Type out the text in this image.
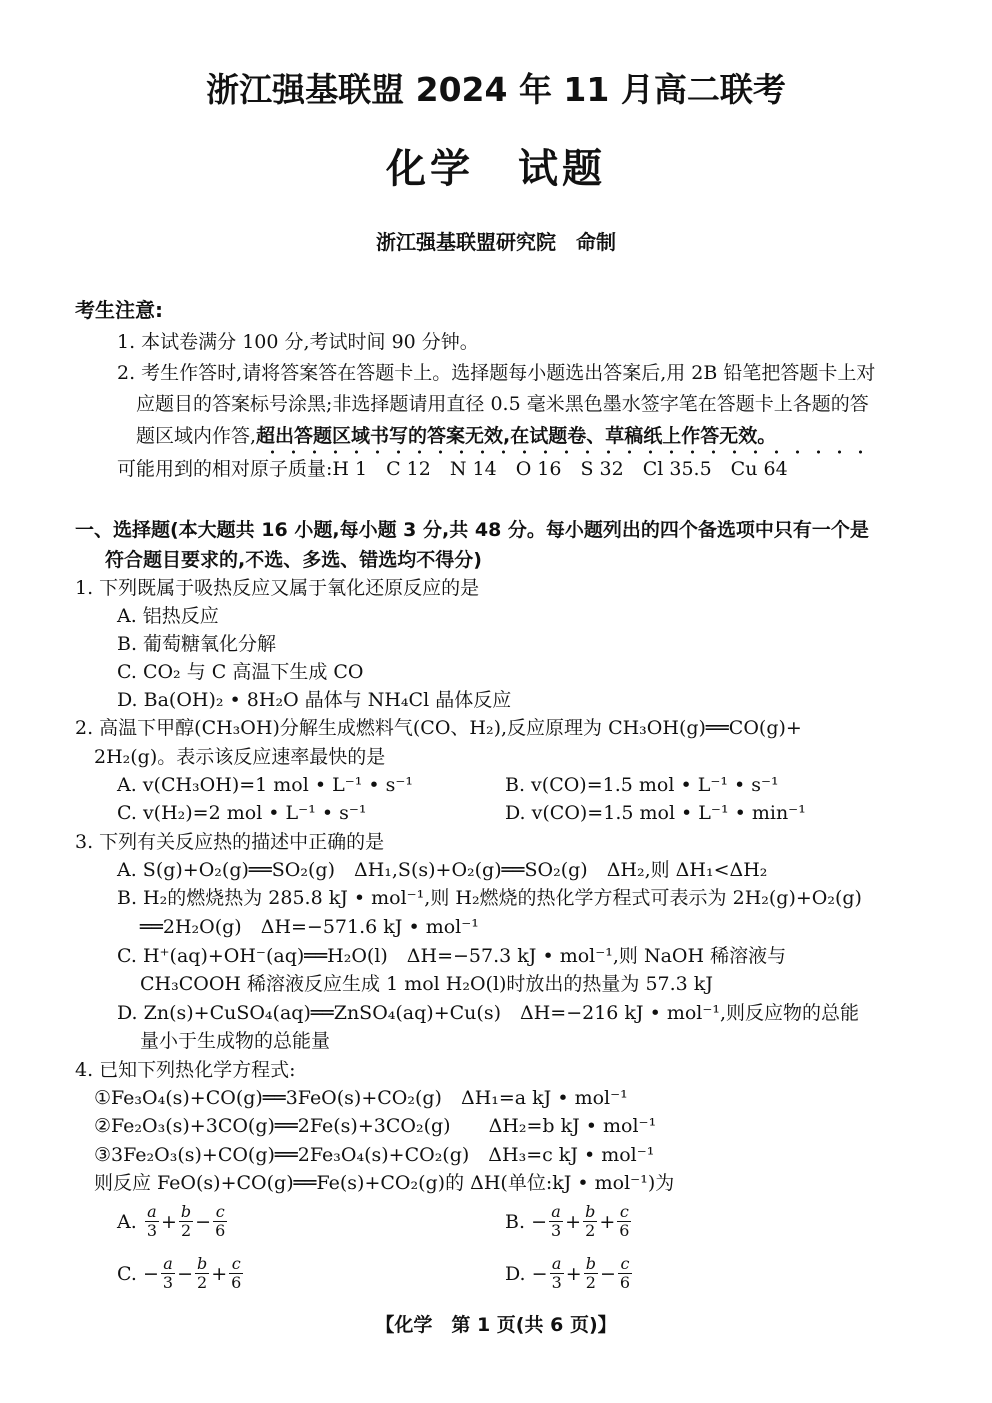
浙江强基联盟 2024 年 11 月高二联考
化学　试题
浙江强基联盟研究院　命制
考生注意:
1. 本试卷满分 100 分,考试时间 90 分钟。
2. 考生作答时,请将答案答在答题卡上。选择题每小题选出答案后,用 2B 铅笔把答题卡上对
应题目的答案标号涂黑;非选择题请用直径 0.5 毫米黑色墨水签字笔在答题卡上各题的答
题区域内作答,超出答题区域书写的答案无效,在试题卷、草稿纸上作答无效。
可能用到的相对原子质量:H 1　C 12　N 14　O 16　S 32　Cl 35.5　Cu 64
一、选择题(本大题共 16 小题,每小题 3 分,共 48 分。每小题列出的四个备选项中只有一个是
符合题目要求的,不选、多选、错选均不得分)
1. 下列既属于吸热反应又属于氧化还原反应的是
A. 铝热反应
B. 葡萄糖氧化分解
C. CO₂ 与 C 高温下生成 CO
D. Ba(OH)₂ • 8H₂O 晶体与 NH₄Cl 晶体反应
2. 高温下甲醇(CH₃OH)分解生成燃料气(CO、H₂),反应原理为 CH₃OH(g)══CO(g)+
2H₂(g)。表示该反应速率最快的是
A. v(CH₃OH)=1 mol • L⁻¹ • s⁻¹	B. v(CO)=1.5 mol • L⁻¹ • s⁻¹
C. v(H₂)=2 mol • L⁻¹ • s⁻¹	D. v(CO)=1.5 mol • L⁻¹ • min⁻¹
3. 下列有关反应热的描述中正确的是
A. S(g)+O₂(g)══SO₂(g)　ΔH₁,S(s)+O₂(g)══SO₂(g)　ΔH₂,则 ΔH₁<ΔH₂
B. H₂的燃烧热为 285.8 kJ • mol⁻¹,则 H₂燃烧的热化学方程式可表示为 2H₂(g)+O₂(g)
══2H₂O(g)　ΔH=−571.6 kJ • mol⁻¹
C. H⁺(aq)+OH⁻(aq)══H₂O(l)　ΔH=−57.3 kJ • mol⁻¹,则 NaOH 稀溶液与
CH₃COOH 稀溶液反应生成 1 mol H₂O(l)时放出的热量为 57.3 kJ
D. Zn(s)+CuSO₄(aq)══ZnSO₄(aq)+Cu(s)　ΔH=−216 kJ • mol⁻¹,则反应物的总能
量小于生成物的总能量
4. 已知下列热化学方程式:
①Fe₃O₄(s)+CO(g)══3FeO(s)+CO₂(g)　ΔH₁=a kJ • mol⁻¹
②Fe₂O₃(s)+3CO(g)══2Fe(s)+3CO₂(g)　　ΔH₂=b kJ • mol⁻¹
③3Fe₂O₃(s)+CO(g)══2Fe₃O₄(s)+CO₂(g)　ΔH₃=c kJ • mol⁻¹
则反应 FeO(s)+CO(g)══Fe(s)+CO₂(g)的 ΔH(单位:kJ • mol⁻¹)为
A. $\frac{a}{3} + \frac{b}{2} - \frac{c}{6}$	B. − $\frac{a}{3} + \frac{b}{2} + \frac{c}{6}$
C. − $\frac{a}{3} - \frac{b}{2} + \frac{c}{6}$	D. − $\frac{a}{3} + \frac{b}{2} - \frac{c}{6}$
【化学　第 1 页(共 6 页)】
